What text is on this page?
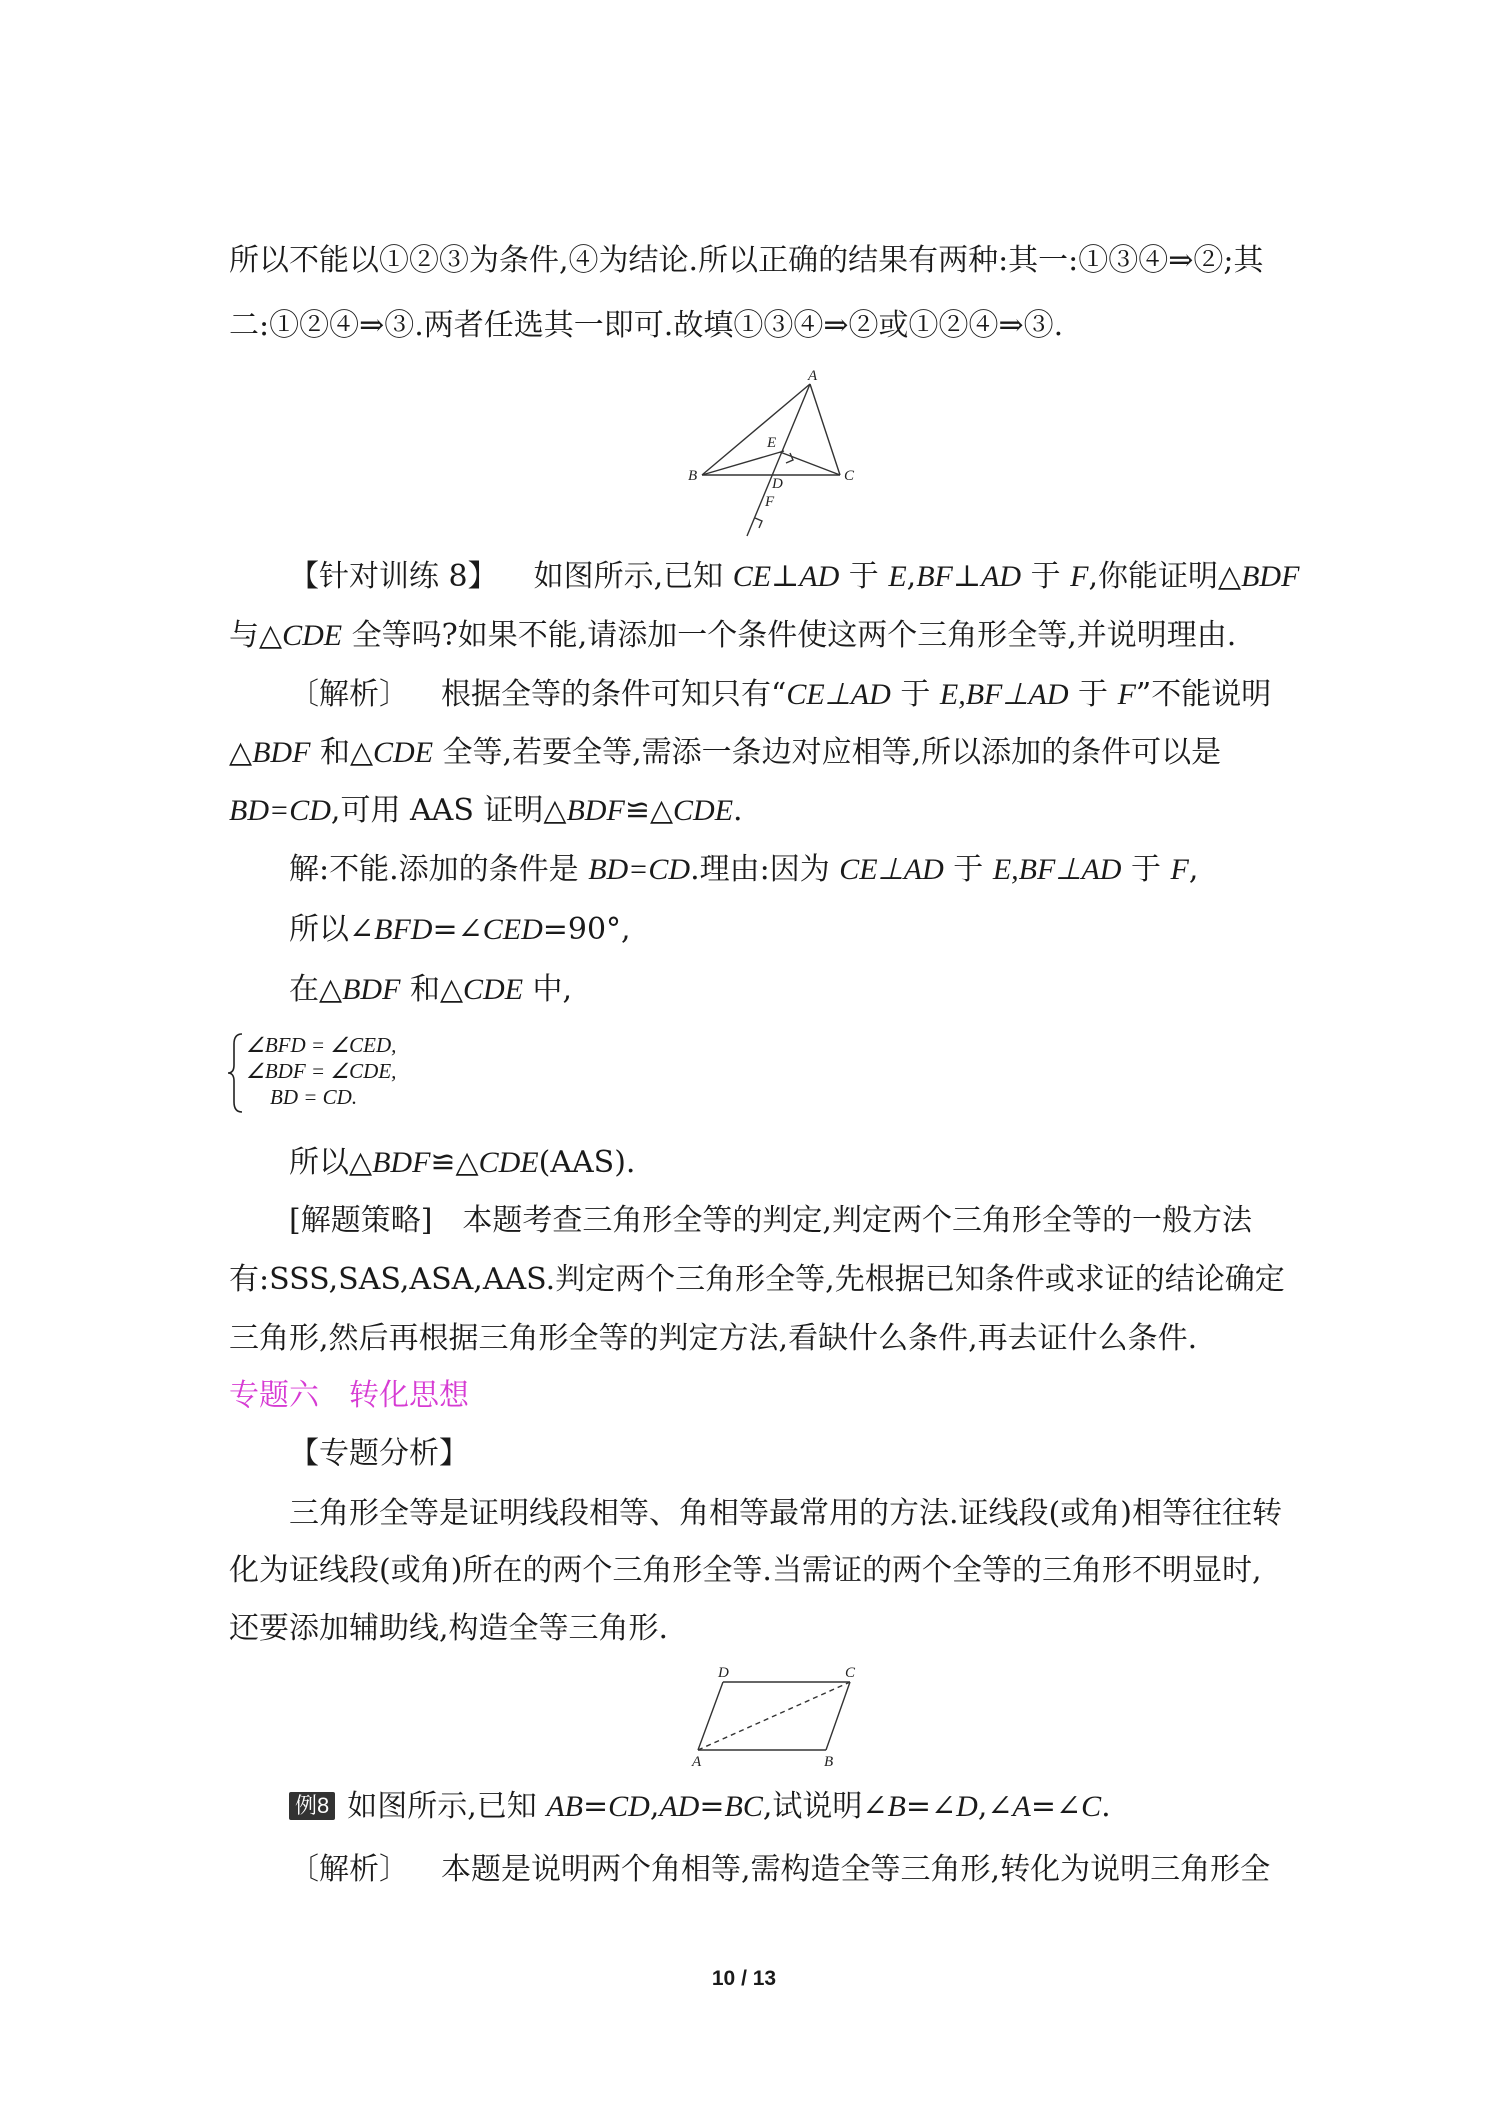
所以不能以①②③为条件,④为结论.所以正确的结果有两种:其一:①③④⇒②;其
二:①②④⇒③.两者任选其一即可.故填①③④⇒②或①②④⇒③.
A
B	C
D
E
F
【针对训练 8】 如图所示,已知 CE⊥AD 于 E,BF⊥AD 于 F,你能证明△BDF
与△CDE 全等吗?如果不能,请添加一个条件使这两个三角形全等,并说明理由.
〔解析〕 根据全等的条件可知只有“CE⊥AD 于 E,BF⊥AD 于 F”不能说明
△BDF 和△CDE 全等,若要全等,需添一条边对应相等,所以添加的条件可以是
BD=CD,可用 AAS 证明△BDF≌△CDE.
解:不能.添加的条件是 BD=CD.理由:因为 CE⊥AD 于 E,BF⊥AD 于 F,
所以∠BFD=∠CED=90°,
在△BDF 和△CDE 中,
∠BFD = ∠CED,
∠BDF = ∠CDE,
BD = CD.
所以△BDF≌△CDE(AAS).
[解题策略]　本题考查三角形全等的判定,判定两个三角形全等的一般方法
有:SSS,SAS,ASA,AAS.判定两个三角形全等,先根据已知条件或求证的结论确定
三角形,然后再根据三角形全等的判定方法,看缺什么条件,再去证什么条件.
专题六　转化思想
【专题分析】
三角形全等是证明线段相等、角相等最常用的方法.证线段(或角)相等往往转
化为证线段(或角)所在的两个三角形全等.当需证的两个全等的三角形不明显时,
还要添加辅助线,构造全等三角形.
D	C
A	B
例8 如图所示,已知 AB=CD,AD=BC,试说明∠B=∠D,∠A=∠C.
〔解析〕 本题是说明两个角相等,需构造全等三角形,转化为说明三角形全
10 / 13
